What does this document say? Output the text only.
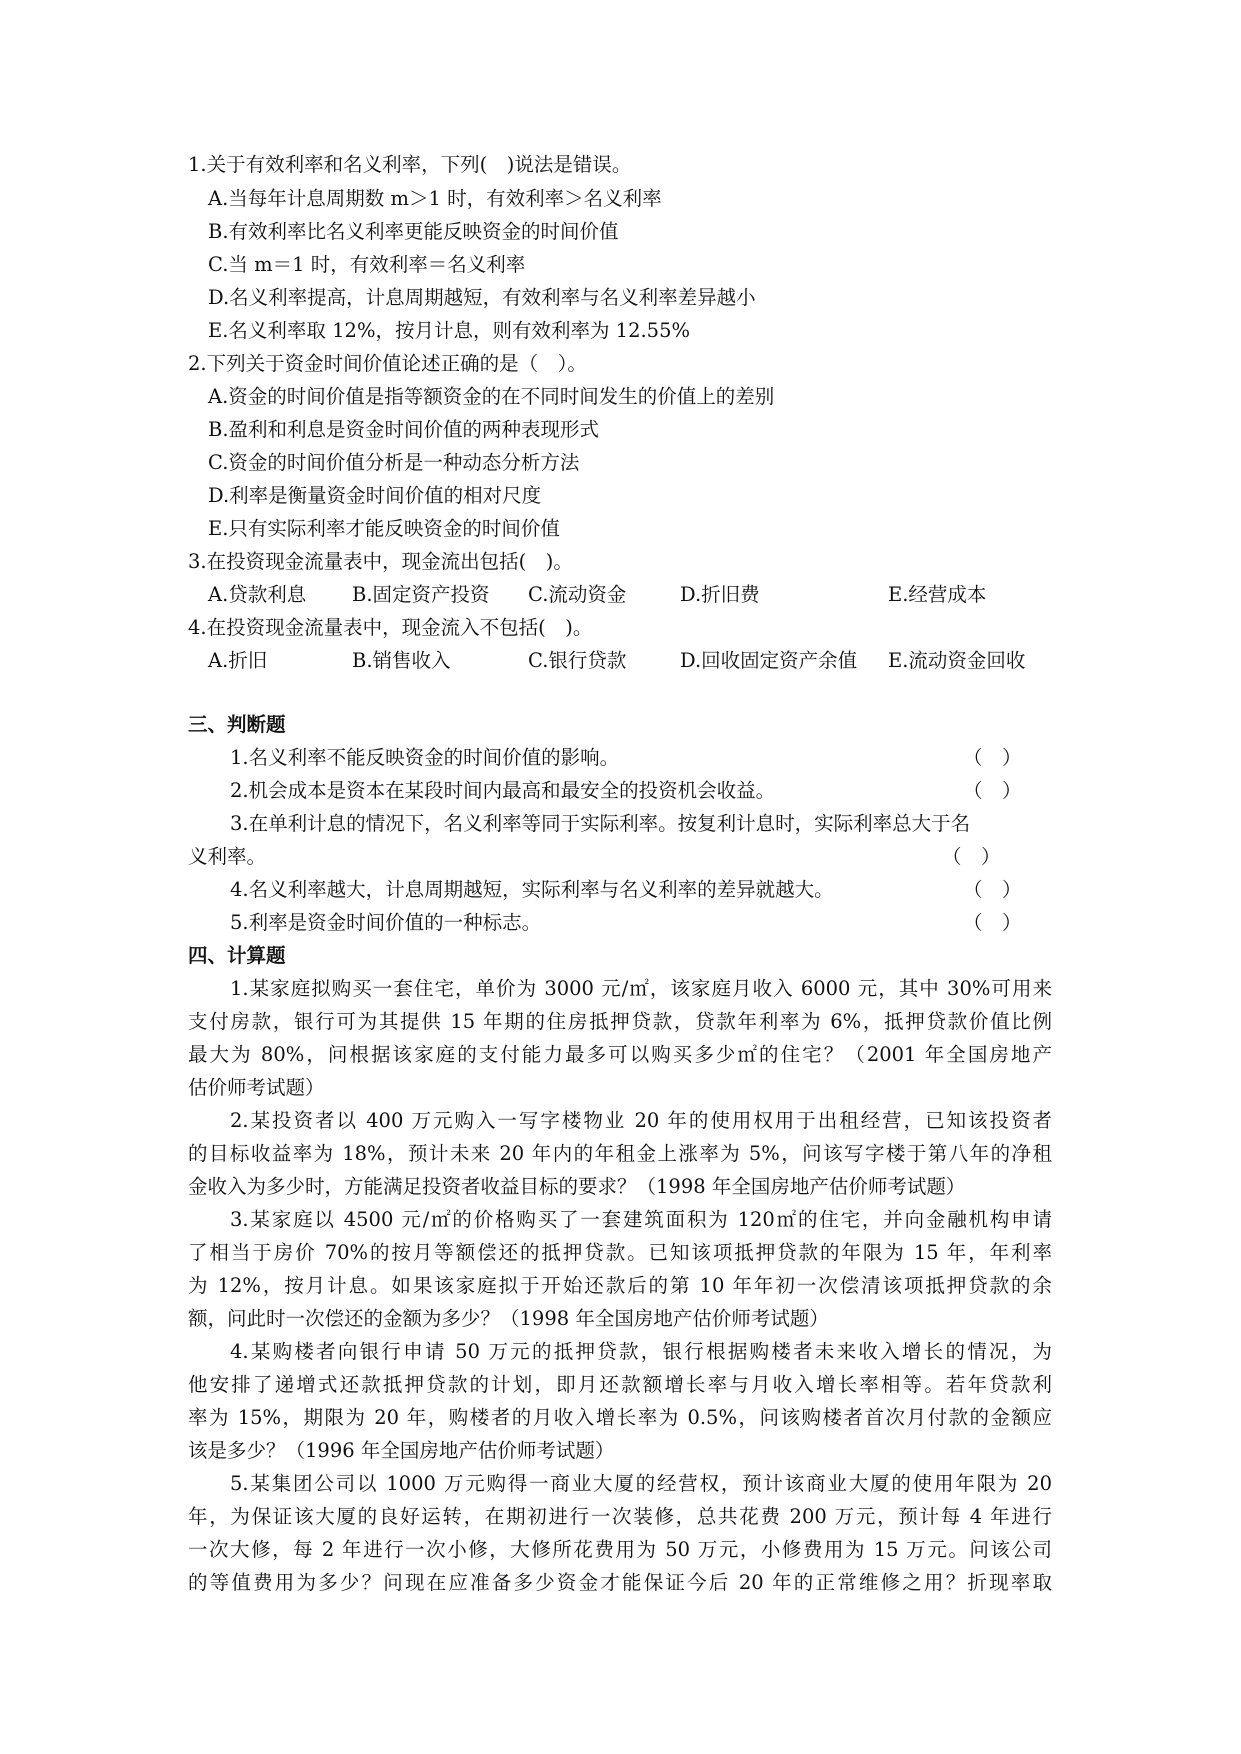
1.关于有效利率和名义利率，下列(　)说法是错误。
A.当每年计息周期数 m＞1 时，有效利率＞名义利率
B.有效利率比名义利率更能反映资金的时间价值
C.当 m＝1 时，有效利率＝名义利率
D.名义利率提高，计息周期越短，有效利率与名义利率差异越小
E.名义利率取 12%，按月计息，则有效利率为 12.55%
2.下列关于资金时间价值论述正确的是（　）。
A.资金的时间价值是指等额资金的在不同时间发生的价值上的差别
B.盈利和利息是资金时间价值的两种表现形式
C.资金的时间价值分析是一种动态分析方法
D.利率是衡量资金时间价值的相对尺度
E.只有实际利率才能反映资金的时间价值
3.在投资现金流量表中，现金流出包括(　)。
A.贷款利息 B.固定资产投资 C.流动资金	D.折旧费	E.经营成本
4.在投资现金流量表中，现金流入不包括(　)。
A.折旧	B.销售收入	C.银行贷款	D.回收固定资产余值 E.流动资金回收
三、判断题
1.名义利率不能反映资金的时间价值的影响。	（　）
2.机会成本是资本在某段时间内最高和最安全的投资机会收益。	（　）
3.在单利计息的情况下，名义利率等同于实际利率。按复利计息时，实际利率总大于名
义利率。	（　）
4.名义利率越大，计息周期越短，实际利率与名义利率的差异就越大。	（　）
5.利率是资金时间价值的一种标志。	（　）
四、计算题
1.某家庭拟购买一套住宅，单价为 3000 元/㎡，该家庭月收入 6000 元，其中 30%可用来
支付房款，银行可为其提供 15 年期的住房抵押贷款，贷款年利率为 6%，抵押贷款价值比例
最大为 80%，问根据该家庭的支付能力最多可以购买多少㎡的住宅？（2001 年全国房地产
估价师考试题）
2.某投资者以 400 万元购入一写字楼物业 20 年的使用权用于出租经营，已知该投资者
的目标收益率为 18%，预计未来 20 年内的年租金上涨率为 5%，问该写字楼于第八年的净租
金收入为多少时，方能满足投资者收益目标的要求？（1998 年全国房地产估价师考试题）
3.某家庭以 4500 元/㎡的价格购买了一套建筑面积为 120㎡的住宅，并向金融机构申请
了相当于房价 70%的按月等额偿还的抵押贷款。已知该项抵押贷款的年限为 15 年，年利率
为 12%，按月计息。如果该家庭拟于开始还款后的第 10 年年初一次偿清该项抵押贷款的余
额，问此时一次偿还的金额为多少？（1998 年全国房地产估价师考试题）
4.某购楼者向银行申请 50 万元的抵押贷款，银行根据购楼者未来收入增长的情况，为
他安排了递增式还款抵押贷款的计划，即月还款额增长率与月收入增长率相等。若年贷款利
率为 15%，期限为 20 年，购楼者的月收入增长率为 0.5%，问该购楼者首次月付款的金额应
该是多少？（1996 年全国房地产估价师考试题）
5.某集团公司以 1000 万元购得一商业大厦的经营权，预计该商业大厦的使用年限为 20
年，为保证该大厦的良好运转，在期初进行一次装修，总共花费 200 万元，预计每 4 年进行
一次大修，每 2 年进行一次小修，大修所花费用为 50 万元，小修费用为 15 万元。问该公司
的等值费用为多少？问现在应准备多少资金才能保证今后 20 年的正常维修之用？折现率取
